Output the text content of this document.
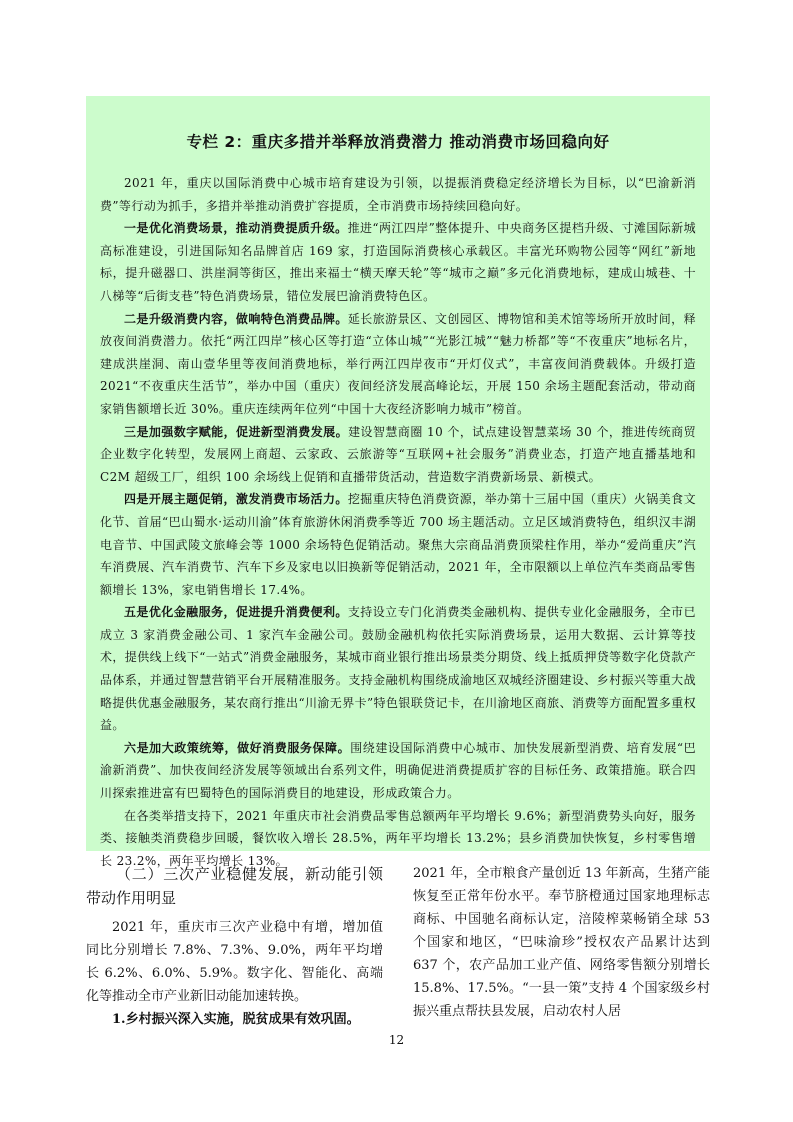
专栏 2：重庆多措并举释放消费潜力 推动消费市场回稳向好

2021 年，重庆以国际消费中心城市培育建设为引领，以提振消费稳定经济增长为目标，以“巴渝新消费”等行动为抓手，多措并举推动消费扩容提质，全市消费市场持续回稳向好。

一是优化消费场景，推动消费提质升级。推进“两江四岸”整体提升、中央商务区提档升级、寸滩国际新城高标准建设，引进国际知名品牌首店 169 家，打造国际消费核心承载区。丰富光环购物公园等“网红”新地标，提升磁器口、洪崖洞等街区，推出来福士“横天摩天轮”等“城市之巅”多元化消费地标，建成山城巷、十八梯等“后街支巷”特色消费场景，错位发展巴渝消费特色区。

二是升级消费内容，做响特色消费品牌。延长旅游景区、文创园区、博物馆和美术馆等场所开放时间，释放夜间消费潜力。依托“两江四岸”核心区等打造“立体山城”“光影江城”“魅力桥都”等“不夜重庆”地标名片，建成洪崖洞、南山壹华里等夜间消费地标，举行两江四岸夜市“开灯仪式”，丰富夜间消费载体。升级打造 2021“不夜重庆生活节”，举办中国（重庆）夜间经济发展高峰论坛，开展 150 余场主题配套活动，带动商家销售额增长近 30%。重庆连续两年位列“中国十大夜经济影响力城市”榜首。

三是加强数字赋能，促进新型消费发展。建设智慧商圈 10 个，试点建设智慧菜场 30 个，推进传统商贸企业数字化转型，发展网上商超、云家政、云旅游等“互联网+社会服务”消费业态，打造产地直播基地和 C2M 超级工厂，组织 100 余场线上促销和直播带货活动，营造数字消费新场景、新模式。

四是开展主题促销，激发消费市场活力。挖掘重庆特色消费资源，举办第十三届中国（重庆）火锅美食文化节、首届“巴山蜀水·运动川渝”体育旅游休闲消费季等近 700 场主题活动。立足区域消费特色，组织汉丰湖电音节、中国武陵文旅峰会等 1000 余场特色促销活动。聚焦大宗商品消费顶梁柱作用，举办“爱尚重庆”汽车消费展、汽车消费节、汽车下乡及家电以旧换新等促销活动，2021 年，全市限额以上单位汽车类商品零售额增长 13%，家电销售增长 17.4%。

五是优化金融服务，促进提升消费便利。支持设立专门化消费类金融机构、提供专业化金融服务，全市已成立 3 家消费金融公司、1 家汽车金融公司。鼓励金融机构依托实际消费场景，运用大数据、云计算等技术，提供线上线下“一站式”消费金融服务，某城市商业银行推出场景类分期贷、线上抵质押贷等数字化贷款产品体系，并通过智慧营销平台开展精准服务。支持金融机构围绕成渝地区双城经济圈建设、乡村振兴等重大战略提供优惠金融服务，某农商行推出“川渝无界卡”特色银联贷记卡，在川渝地区商旅、消费等方面配置多重权益。

六是加大政策统筹，做好消费服务保障。围绕建设国际消费中心城市、加快发展新型消费、培育发展“巴渝新消费”、加快夜间经济发展等领域出台系列文件，明确促进消费提质扩容的目标任务、政策措施。联合四川探索推进富有巴蜀特色的国际消费目的地建设，形成政策合力。

在各类举措支持下，2021 年重庆市社会消费品零售总额两年平均增长 9.6%；新型消费势头向好，服务类、接触类消费稳步回暖，餐饮收入增长 28.5%，两年平均增长 13.2%；县乡消费加快恢复，乡村零售增长 23.2%，两年平均增长 13%。

（二）三次产业稳健发展，新动能引领带动作用明显

2021 年，重庆市三次产业稳中有增，增加值同比分别增长 7.8%、7.3%、9.0%，两年平均增长 6.2%、6.0%、5.9%。数字化、智能化、高端化等推动全市产业新旧动能加速转换。

1.乡村振兴深入实施，脱贫成果有效巩固。

2021 年，全市粮食产量创近 13 年新高，生猪产能恢复至正常年份水平。奉节脐橙通过国家地理标志商标、中国驰名商标认定，涪陵榨菜畅销全球 53 个国家和地区，“巴味渝珍”授权农产品累计达到 637 个，农产品加工业产值、网络零售额分别增长 15.8%、17.5%。“一县一策”支持 4 个国家级乡村振兴重点帮扶县发展，启动农村人居

12
